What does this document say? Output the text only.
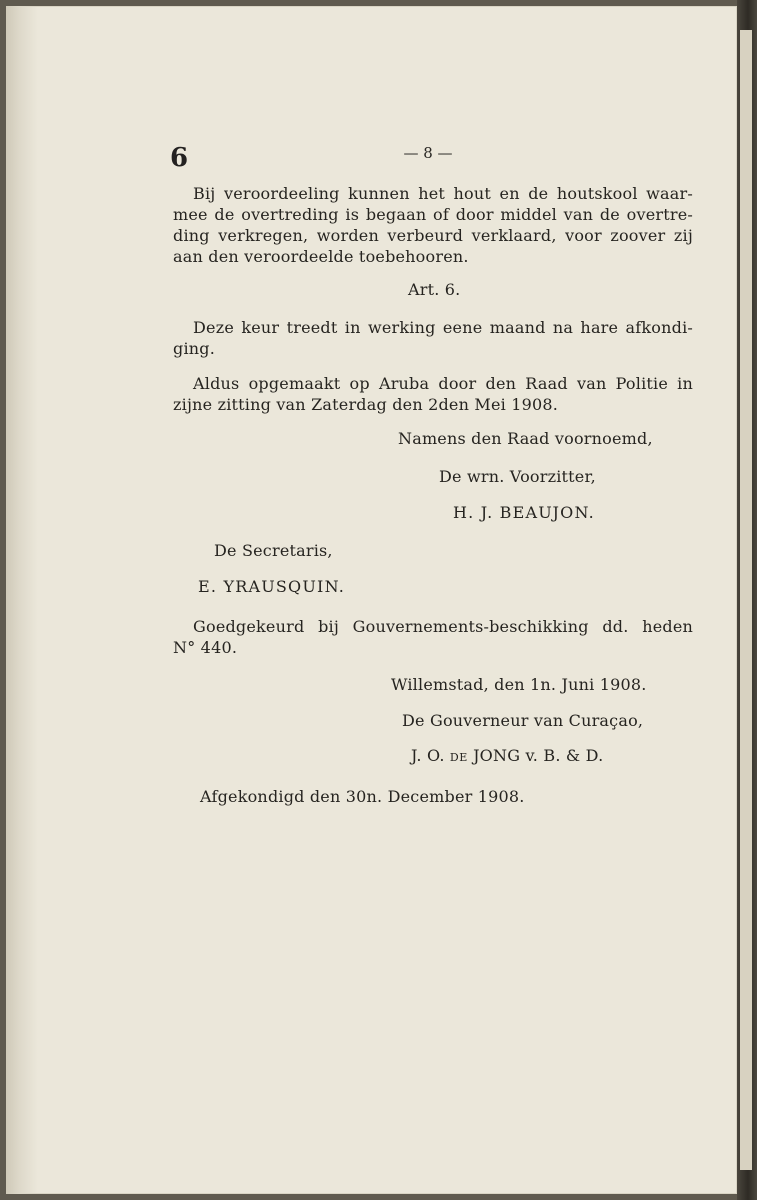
6	— 8 —

Bij veroordeeling kunnen het hout en de houtskool waar-

mee de overtreding is begaan of door middel van de overtre-

ding verkregen, worden verbeurd verklaard, voor zoover zij

aan den veroordeelde toebehooren.

Art. 6.

Deze keur treedt in werking eene maand na hare afkondi-

ging.

Aldus opgemaakt op Aruba door den Raad van Politie in

zijne zitting van Zaterdag den 2den Mei 1908.

Namens den Raad voornoemd,

De wrn. Voorzitter,

H. J. BEAUJON.

De Secretaris,

E. YRAUSQUIN.

Goedgekeurd bij Gouvernements-beschikking dd. heden

N° 440.

Willemstad, den 1n. Juni 1908.

De Gouverneur van Curaçao,

J. O. DE JONG v. B. & D.

Afgekondigd den 30n. December 1908.
